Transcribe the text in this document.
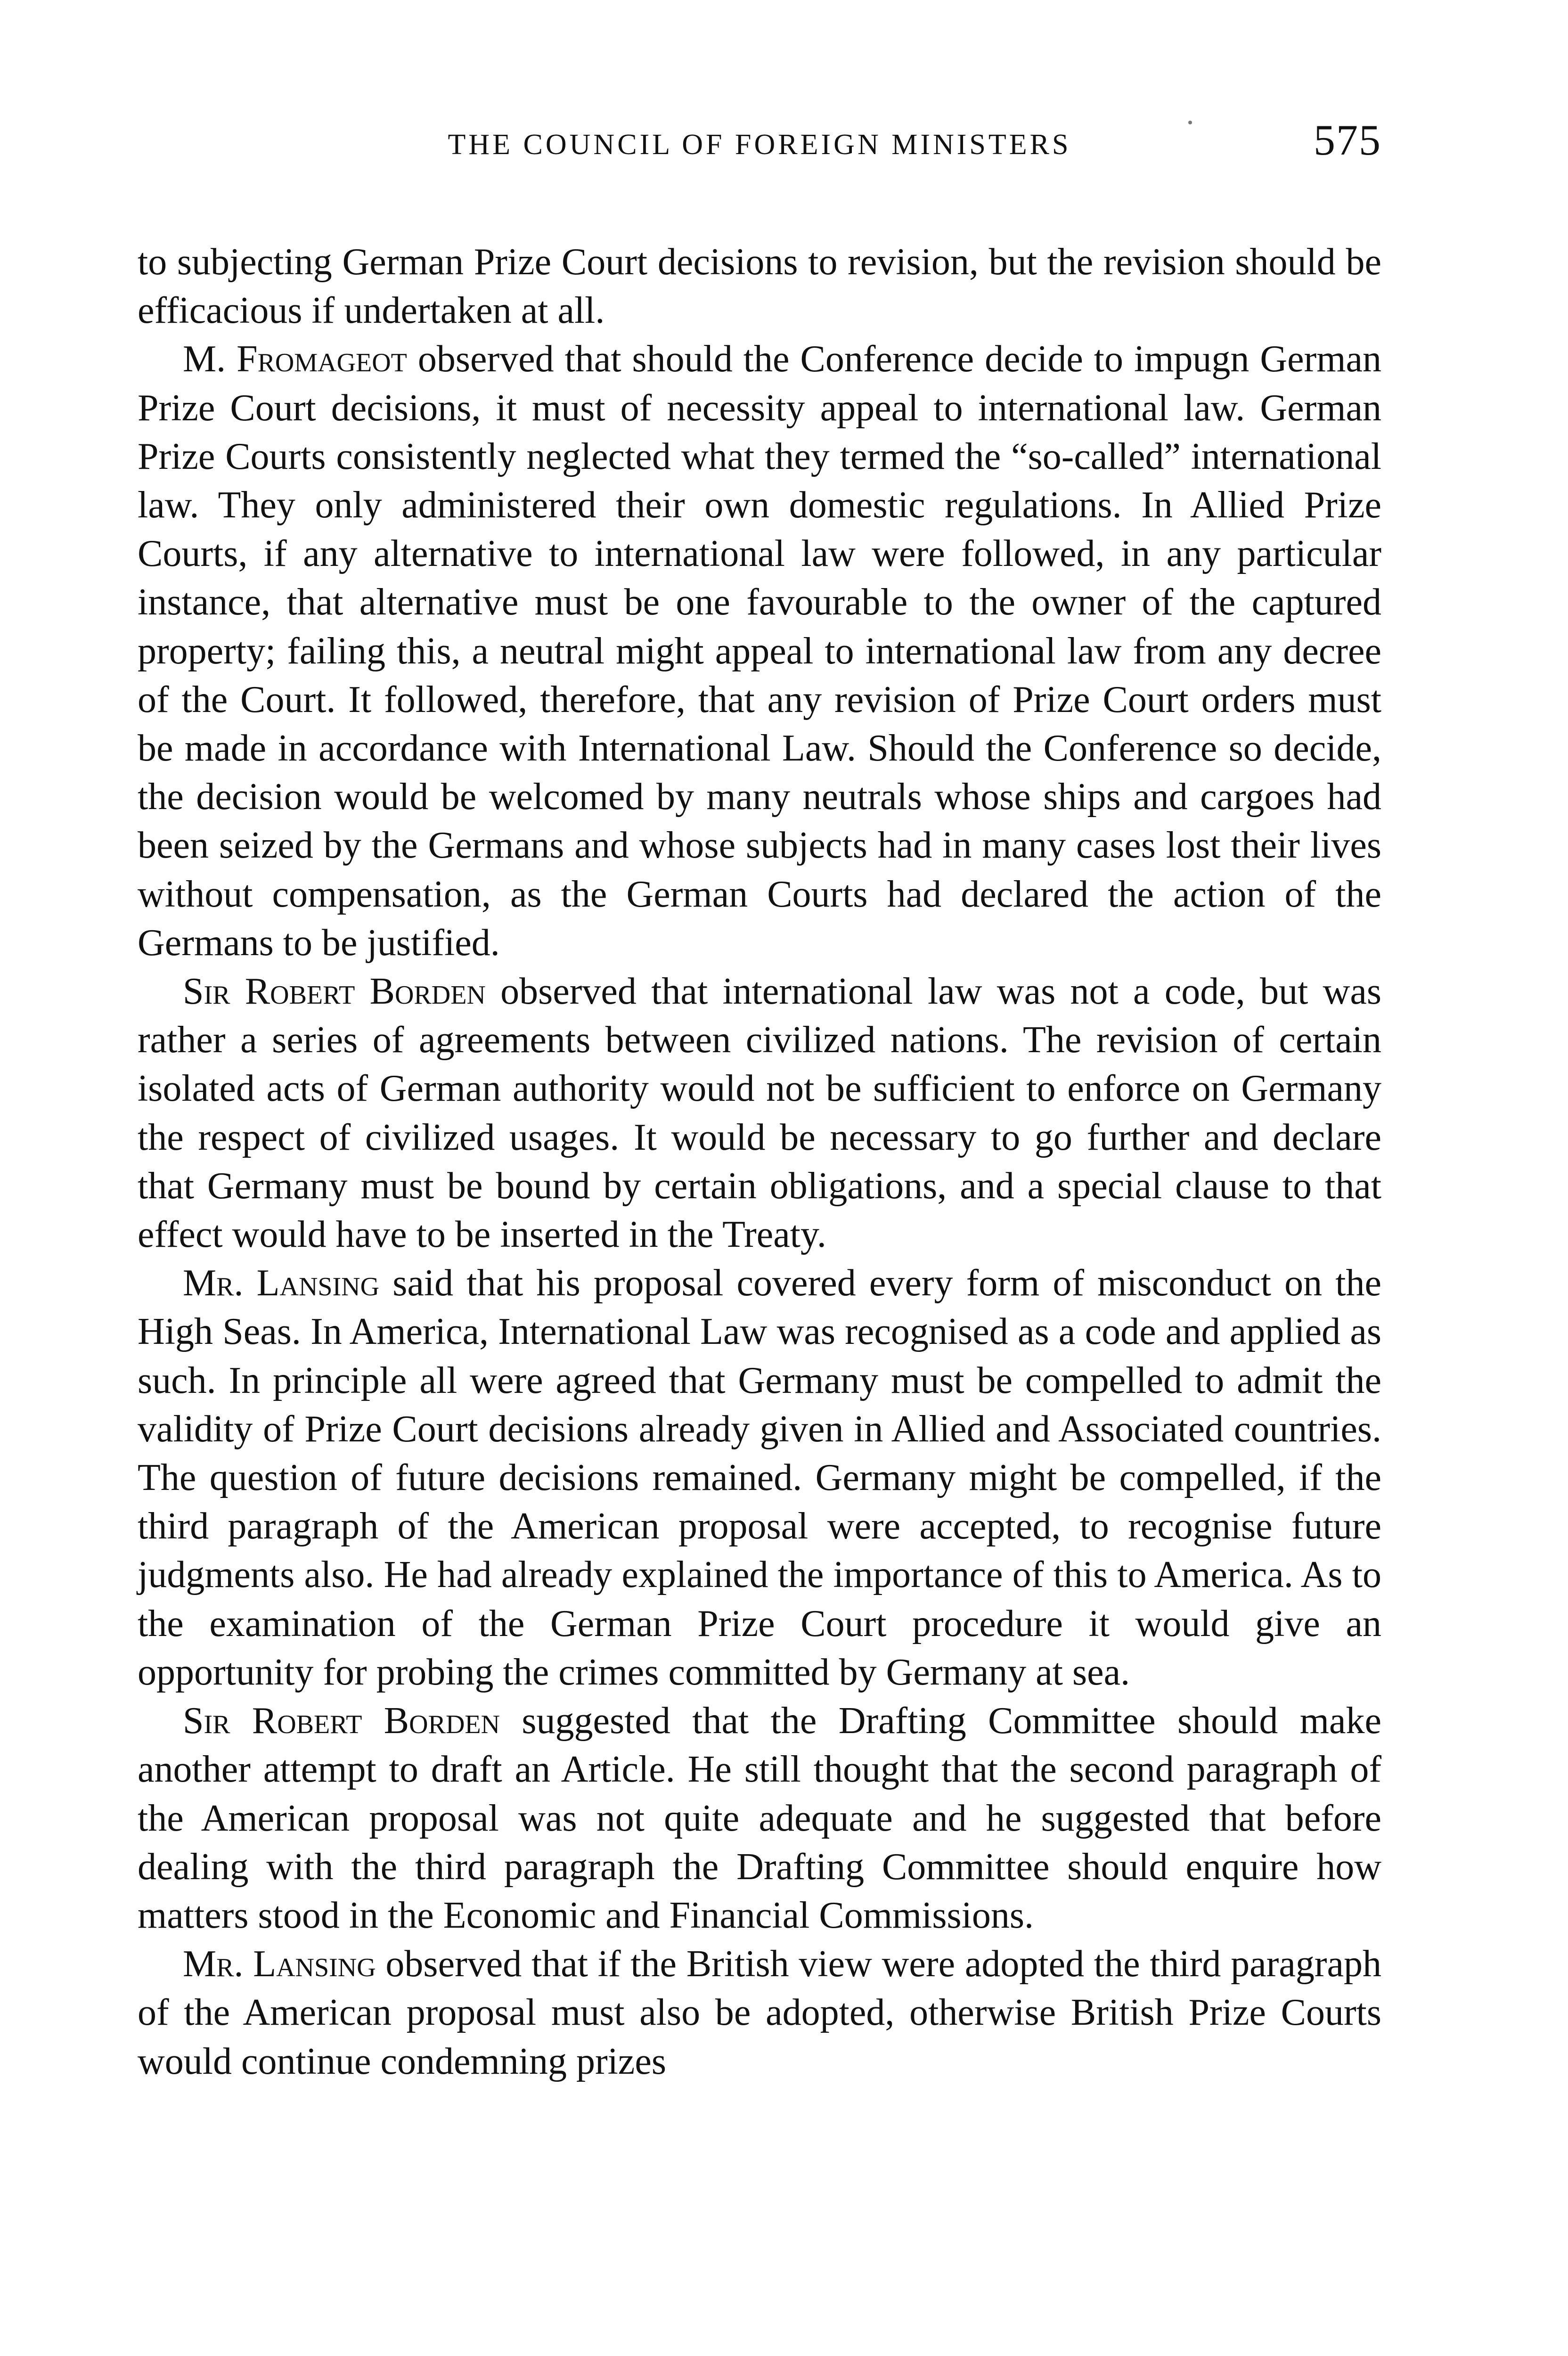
THE COUNCIL OF FOREIGN MINISTERS	575

to subjecting German Prize Court decisions to revision, but the revision should be efficacious if undertaken at all.

M. Fromageot observed that should the Conference decide to impugn German Prize Court decisions, it must of necessity appeal to international law. German Prize Courts consistently neglected what they termed the “so-called” international law. They only administered their own domestic regulations. In Allied Prize Courts, if any alternative to international law were followed, in any particular instance, that alternative must be one favourable to the owner of the captured property; failing this, a neutral might appeal to international law from any decree of the Court. It followed, therefore, that any revision of Prize Court orders must be made in accordance with International Law. Should the Conference so decide, the decision would be welcomed by many neutrals whose ships and cargoes had been seized by the Germans and whose subjects had in many cases lost their lives without compensation, as the German Courts had declared the action of the Germans to be justified.

Sir Robert Borden observed that international law was not a code, but was rather a series of agreements between civilized nations. The revision of certain isolated acts of German authority would not be sufficient to enforce on Germany the respect of civilized usages. It would be necessary to go further and declare that Germany must be bound by certain obligations, and a special clause to that effect would have to be inserted in the Treaty.

Mr. Lansing said that his proposal covered every form of misconduct on the High Seas. In America, International Law was recognised as a code and applied as such. In principle all were agreed that Germany must be compelled to admit the validity of Prize Court decisions already given in Allied and Associated countries. The question of future decisions remained. Germany might be compelled, if the third paragraph of the American proposal were accepted, to recognise future judgments also. He had already explained the importance of this to America. As to the examination of the German Prize Court procedure it would give an opportunity for probing the crimes committed by Germany at sea.

Sir Robert Borden suggested that the Drafting Committee should make another attempt to draft an Article. He still thought that the second paragraph of the American proposal was not quite adequate and he suggested that before dealing with the third paragraph the Drafting Committee should enquire how matters stood in the Economic and Financial Commissions.

Mr. Lansing observed that if the British view were adopted the third paragraph of the American proposal must also be adopted, otherwise British Prize Courts would continue condemning prizes
